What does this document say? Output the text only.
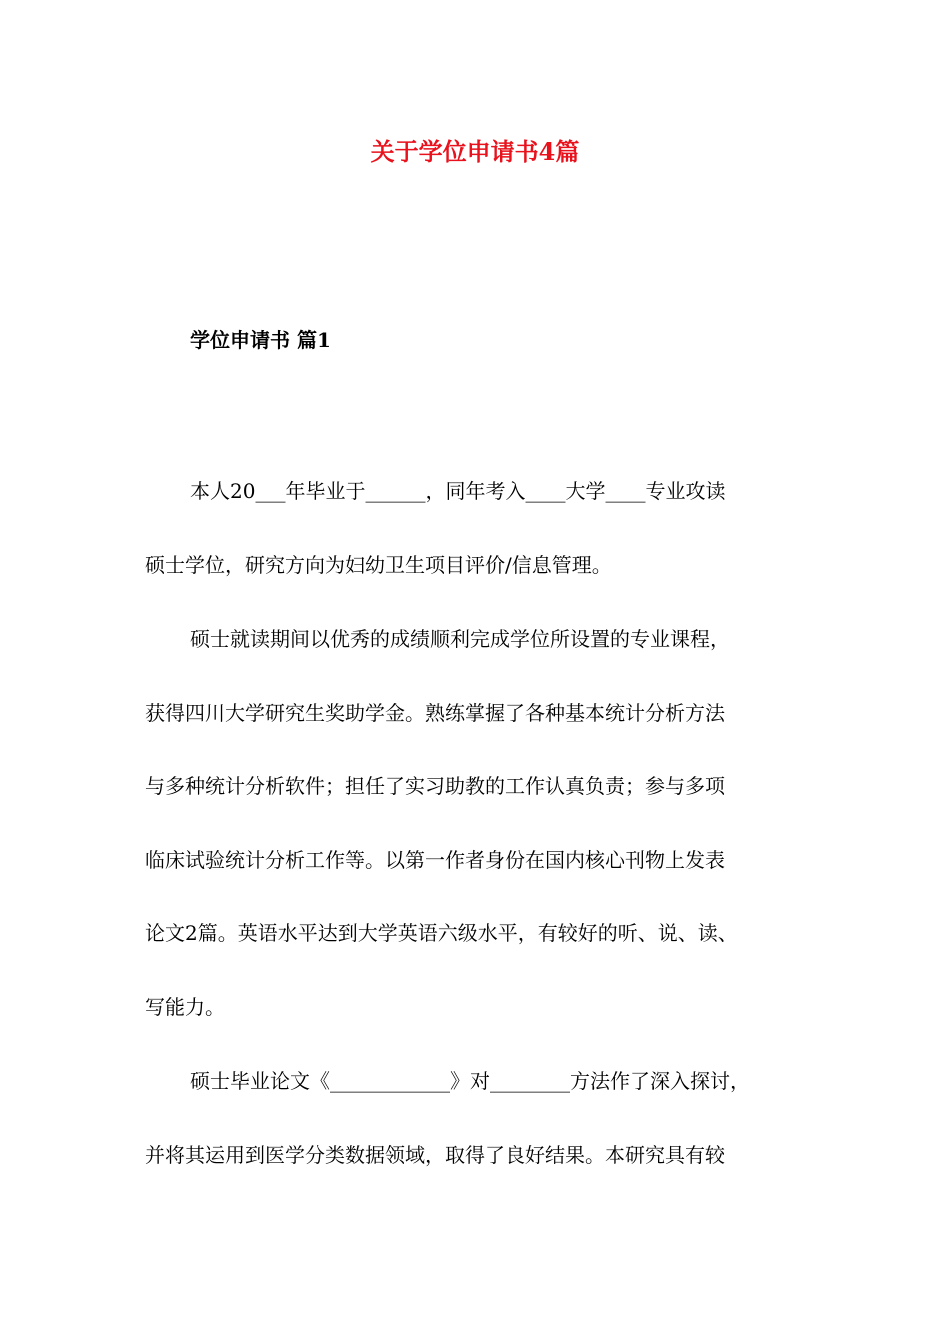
关于学位申请书4篇
学位申请书 篇1
本人20___年毕业于______，同年考入____大学____专业攻读
硕士学位，研究方向为妇幼卫生项目评价/信息管理。
硕士就读期间以优秀的成绩顺利完成学位所设置的专业课程，
获得四川大学研究生奖助学金。熟练掌握了各种基本统计分析方法
与多种统计分析软件；担任了实习助教的工作认真负责；参与多项
临床试验统计分析工作等。以第一作者身份在国内核心刊物上发表
论文2篇。英语水平达到大学英语六级水平，有较好的听、说、读、
写能力。
硕士毕业论文《____________》对________方法作了深入探讨，
并将其运用到医学分类数据领域，取得了良好结果。本研究具有较
